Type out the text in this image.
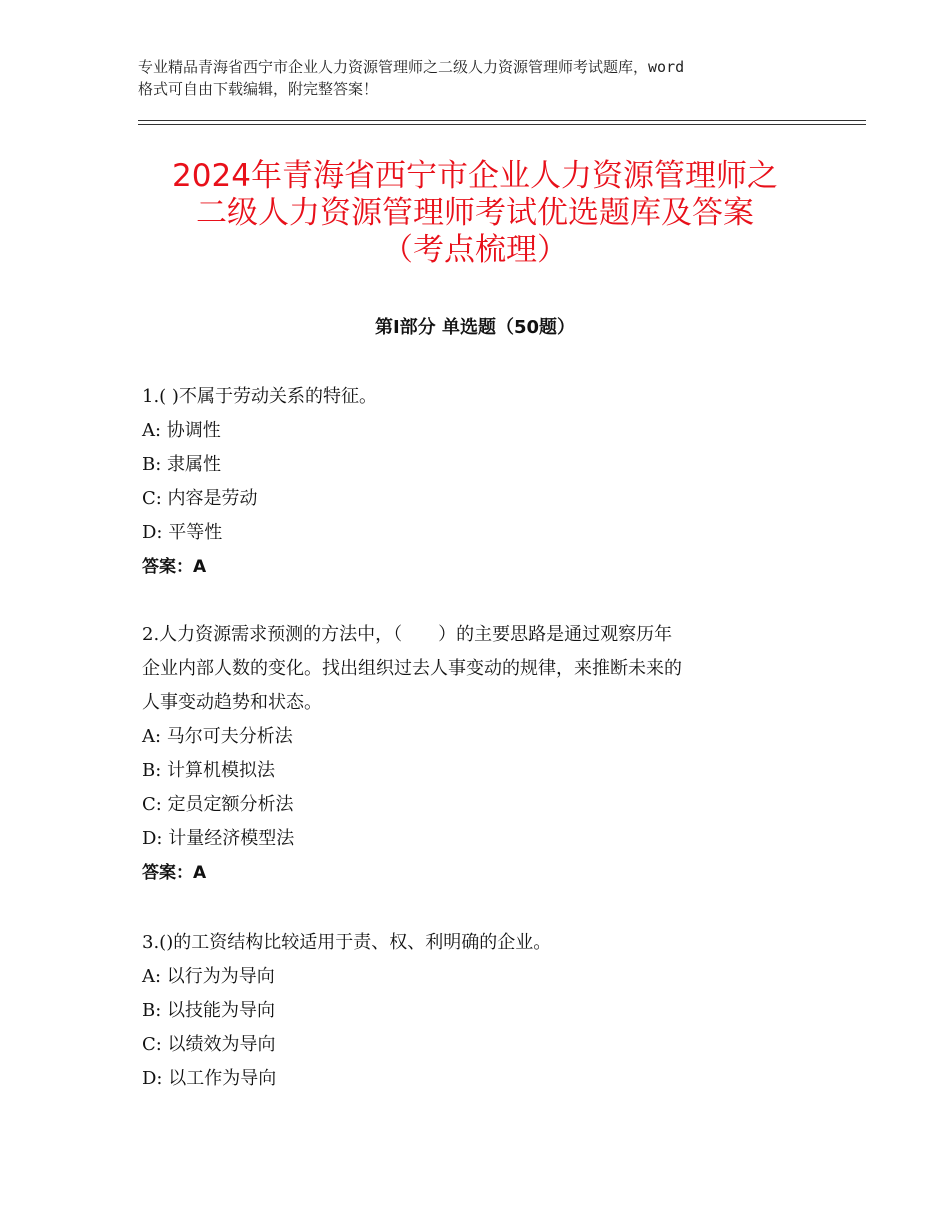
专业精品青海省西宁市企业人力资源管理师之二级人力资源管理师考试题库，word
格式可自由下载编辑，附完整答案！
2024年青海省西宁市企业人力资源管理师之
二级人力资源管理师考试优选题库及答案
（考点梳理）
第Ⅰ部分 单选题（50题）
1.( )不属于劳动关系的特征。
A: 协调性
B: 隶属性
C: 内容是劳动
D: 平等性
答案：A
2.人力资源需求预测的方法中，（　　）的主要思路是通过观察历年
企业内部人数的变化。找出组织过去人事变动的规律，来推断未来的
人事变动趋势和状态。
A: 马尔可夫分析法
B: 计算机模拟法
C: 定员定额分析法
D: 计量经济模型法
答案：A
3.()的工资结构比较适用于责、权、利明确的企业。
A: 以行为为导向
B: 以技能为导向
C: 以绩效为导向
D: 以工作为导向
